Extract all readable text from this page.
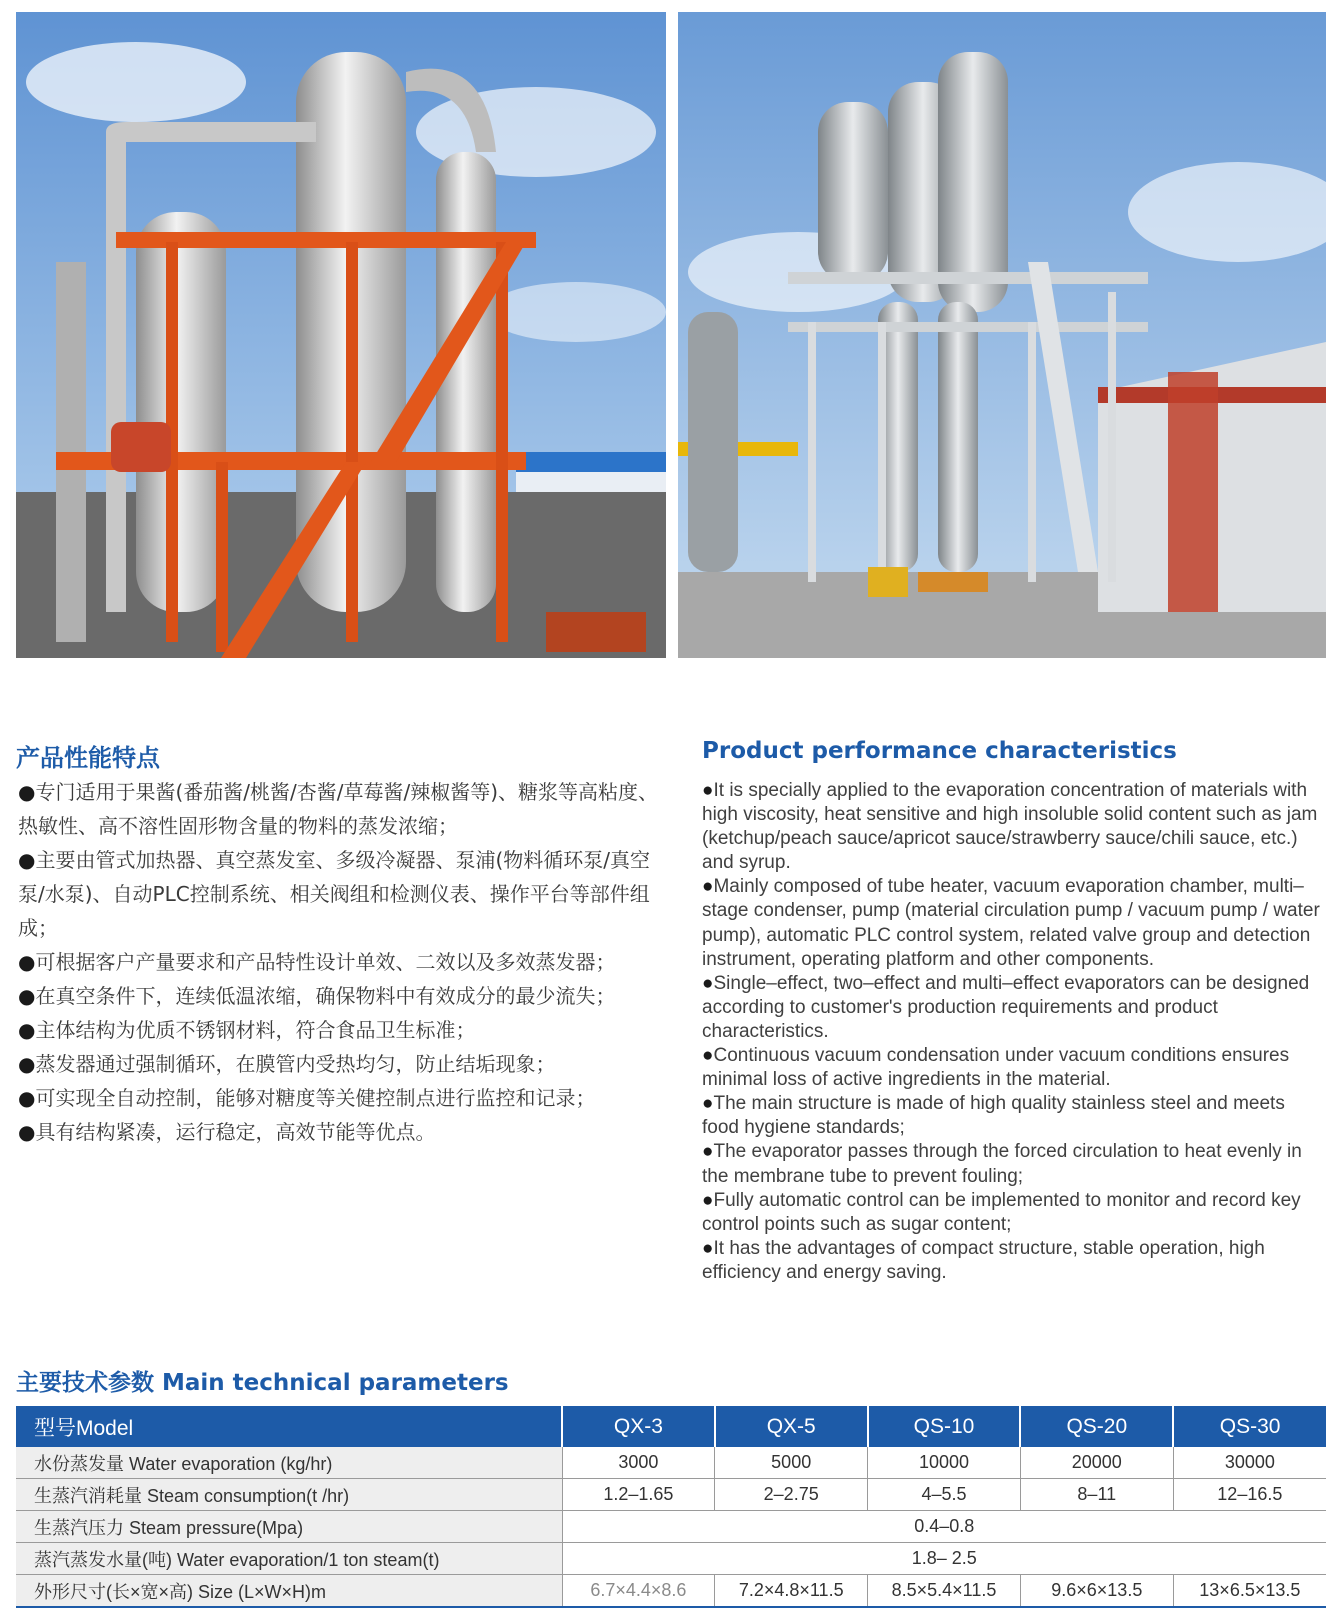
产品性能特点
●专门适用于果酱(番茄酱/桃酱/杏酱/草莓酱/辣椒酱等)、糖浆等高粘度、热敏性、高不溶性固形物含量的物料的蒸发浓缩；
●主要由管式加热器、真空蒸发室、多级冷凝器、泵浦(物料循环泵/真空泵/水泵)、自动PLC控制系统、相关阀组和检测仪表、操作平台等部件组成；
●可根据客户产量要求和产品特性设计单效、二效以及多效蒸发器；
●在真空条件下，连续低温浓缩，确保物料中有效成分的最少流失；
●主体结构为优质不锈钢材料，符合食品卫生标准；
●蒸发器通过强制循环，在膜管内受热均匀，防止结垢现象；
●可实现全自动控制，能够对糖度等关健控制点进行监控和记录；
●具有结构紧凑，运行稳定，高效节能等优点。
Product performance characteristics
●It is specially applied to the evaporation concentration of materials with high viscosity, heat sensitive and high insoluble solid content such as jam (ketchup/peach sauce/apricot sauce/strawberry sauce/chili sauce, etc.) and syrup.
●Mainly composed of tube heater, vacuum evaporation chamber, multi–stage condenser, pump (material circulation pump / vacuum pump / water pump), automatic PLC control system, related valve group and detection instrument, operating platform and other components.
●Single–effect, two–effect and multi–effect evaporators can be designed according to customer's production requirements and product characteristics.
●Continuous vacuum condensation under vacuum conditions ensures minimal loss of active ingredients in the material.
●The main structure is made of high quality stainless steel and meets food hygiene standards;
●The evaporator passes through the forced circulation to heat evenly in the membrane tube to prevent fouling;
●Fully automatic control can be implemented to monitor and record key control points such as sugar content;
●It has the advantages of compact structure, stable operation, high efficiency and energy saving.
主要技术参数 Main technical parameters
型号Model	QX-3	QX-5	QS-10	QS-20	QS-30
水份蒸发量 Water evaporation (kg/hr)	3000	5000	10000	20000	30000
生蒸汽消耗量 Steam consumption(t /hr)	1.2–1.65	2–2.75	4–5.5	8–11	12–16.5
生蒸汽压力 Steam pressure(Mpa)	0.4–0.8				
蒸汽蒸发水量(吨) Water evaporation/1 ton steam(t)	1.8– 2.5				
外形尺寸(长×宽×高) Size (L×W×H)m	6.7×4.4×8.6	7.2×4.8×11.5	8.5×5.4×11.5	9.6×6×13.5	13×6.5×13.5
